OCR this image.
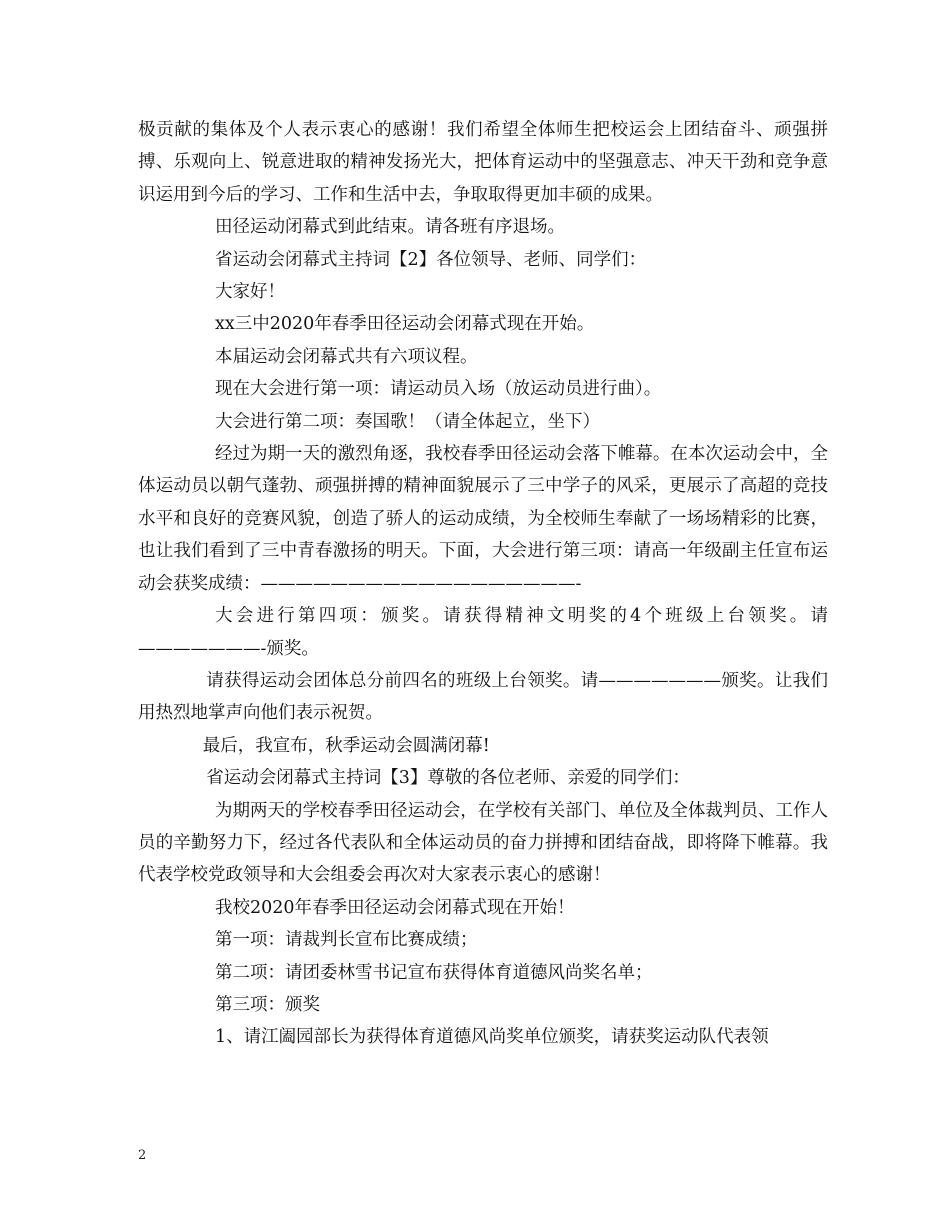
极贡献的集体及个人表示衷心的感谢！我们希望全体师生把校运会上团结奋斗、顽强拼搏、乐观向上、锐意进取的精神发扬光大，把体育运动中的坚强意志、冲天干劲和竞争意识运用到今后的学习、工作和生活中去，争取取得更加丰硕的成果。

田径运动闭幕式到此结束。请各班有序退场。

省运动会闭幕式主持词【2】各位领导、老师、同学们：

大家好！

xx三中2020年春季田径运动会闭幕式现在开始。

本届运动会闭幕式共有六项议程。

现在大会进行第一项：请运动员入场（放运动员进行曲）。

大会进行第二项：奏国歌！（请全体起立，坐下）

经过为期一天的激烈角逐，我校春季田径运动会落下帷幕。在本次运动会中，全体运动员以朝气蓬勃、顽强拼搏的精神面貌展示了三中学子的风采，更展示了高超的竞技水平和良好的竞赛风貌，创造了骄人的运动成绩，为全校师生奉献了一场场精彩的比赛，也让我们看到了三中青春激扬的明天。下面，大会进行第三项：请高一年级副主任宣布运动会获奖成绩：——————————————————-

大会进行第四项：颁奖。请获得精神文明奖的4个班级上台领奖。请———————-颁奖。

请获得运动会团体总分前四名的班级上台领奖。请———————颁奖。让我们用热烈地掌声向他们表示祝贺。

最后，我宣布，秋季运动会圆满闭幕!

省运动会闭幕式主持词【3】尊敬的各位老师、亲爱的同学们：

为期两天的学校春季田径运动会，在学校有关部门、单位及全体裁判员、工作人员的辛勤努力下，经过各代表队和全体运动员的奋力拼搏和团结奋战，即将降下帷幕。我代表学校党政领导和大会组委会再次对大家表示衷心的感谢！

我校2020年春季田径运动会闭幕式现在开始！

第一项：请裁判长宣布比赛成绩；

第二项：请团委林雪书记宣布获得体育道德风尚奖名单；

第三项：颁奖

1、请江阖园部长为获得体育道德风尚奖单位颁奖，请获奖运动队代表领

2
